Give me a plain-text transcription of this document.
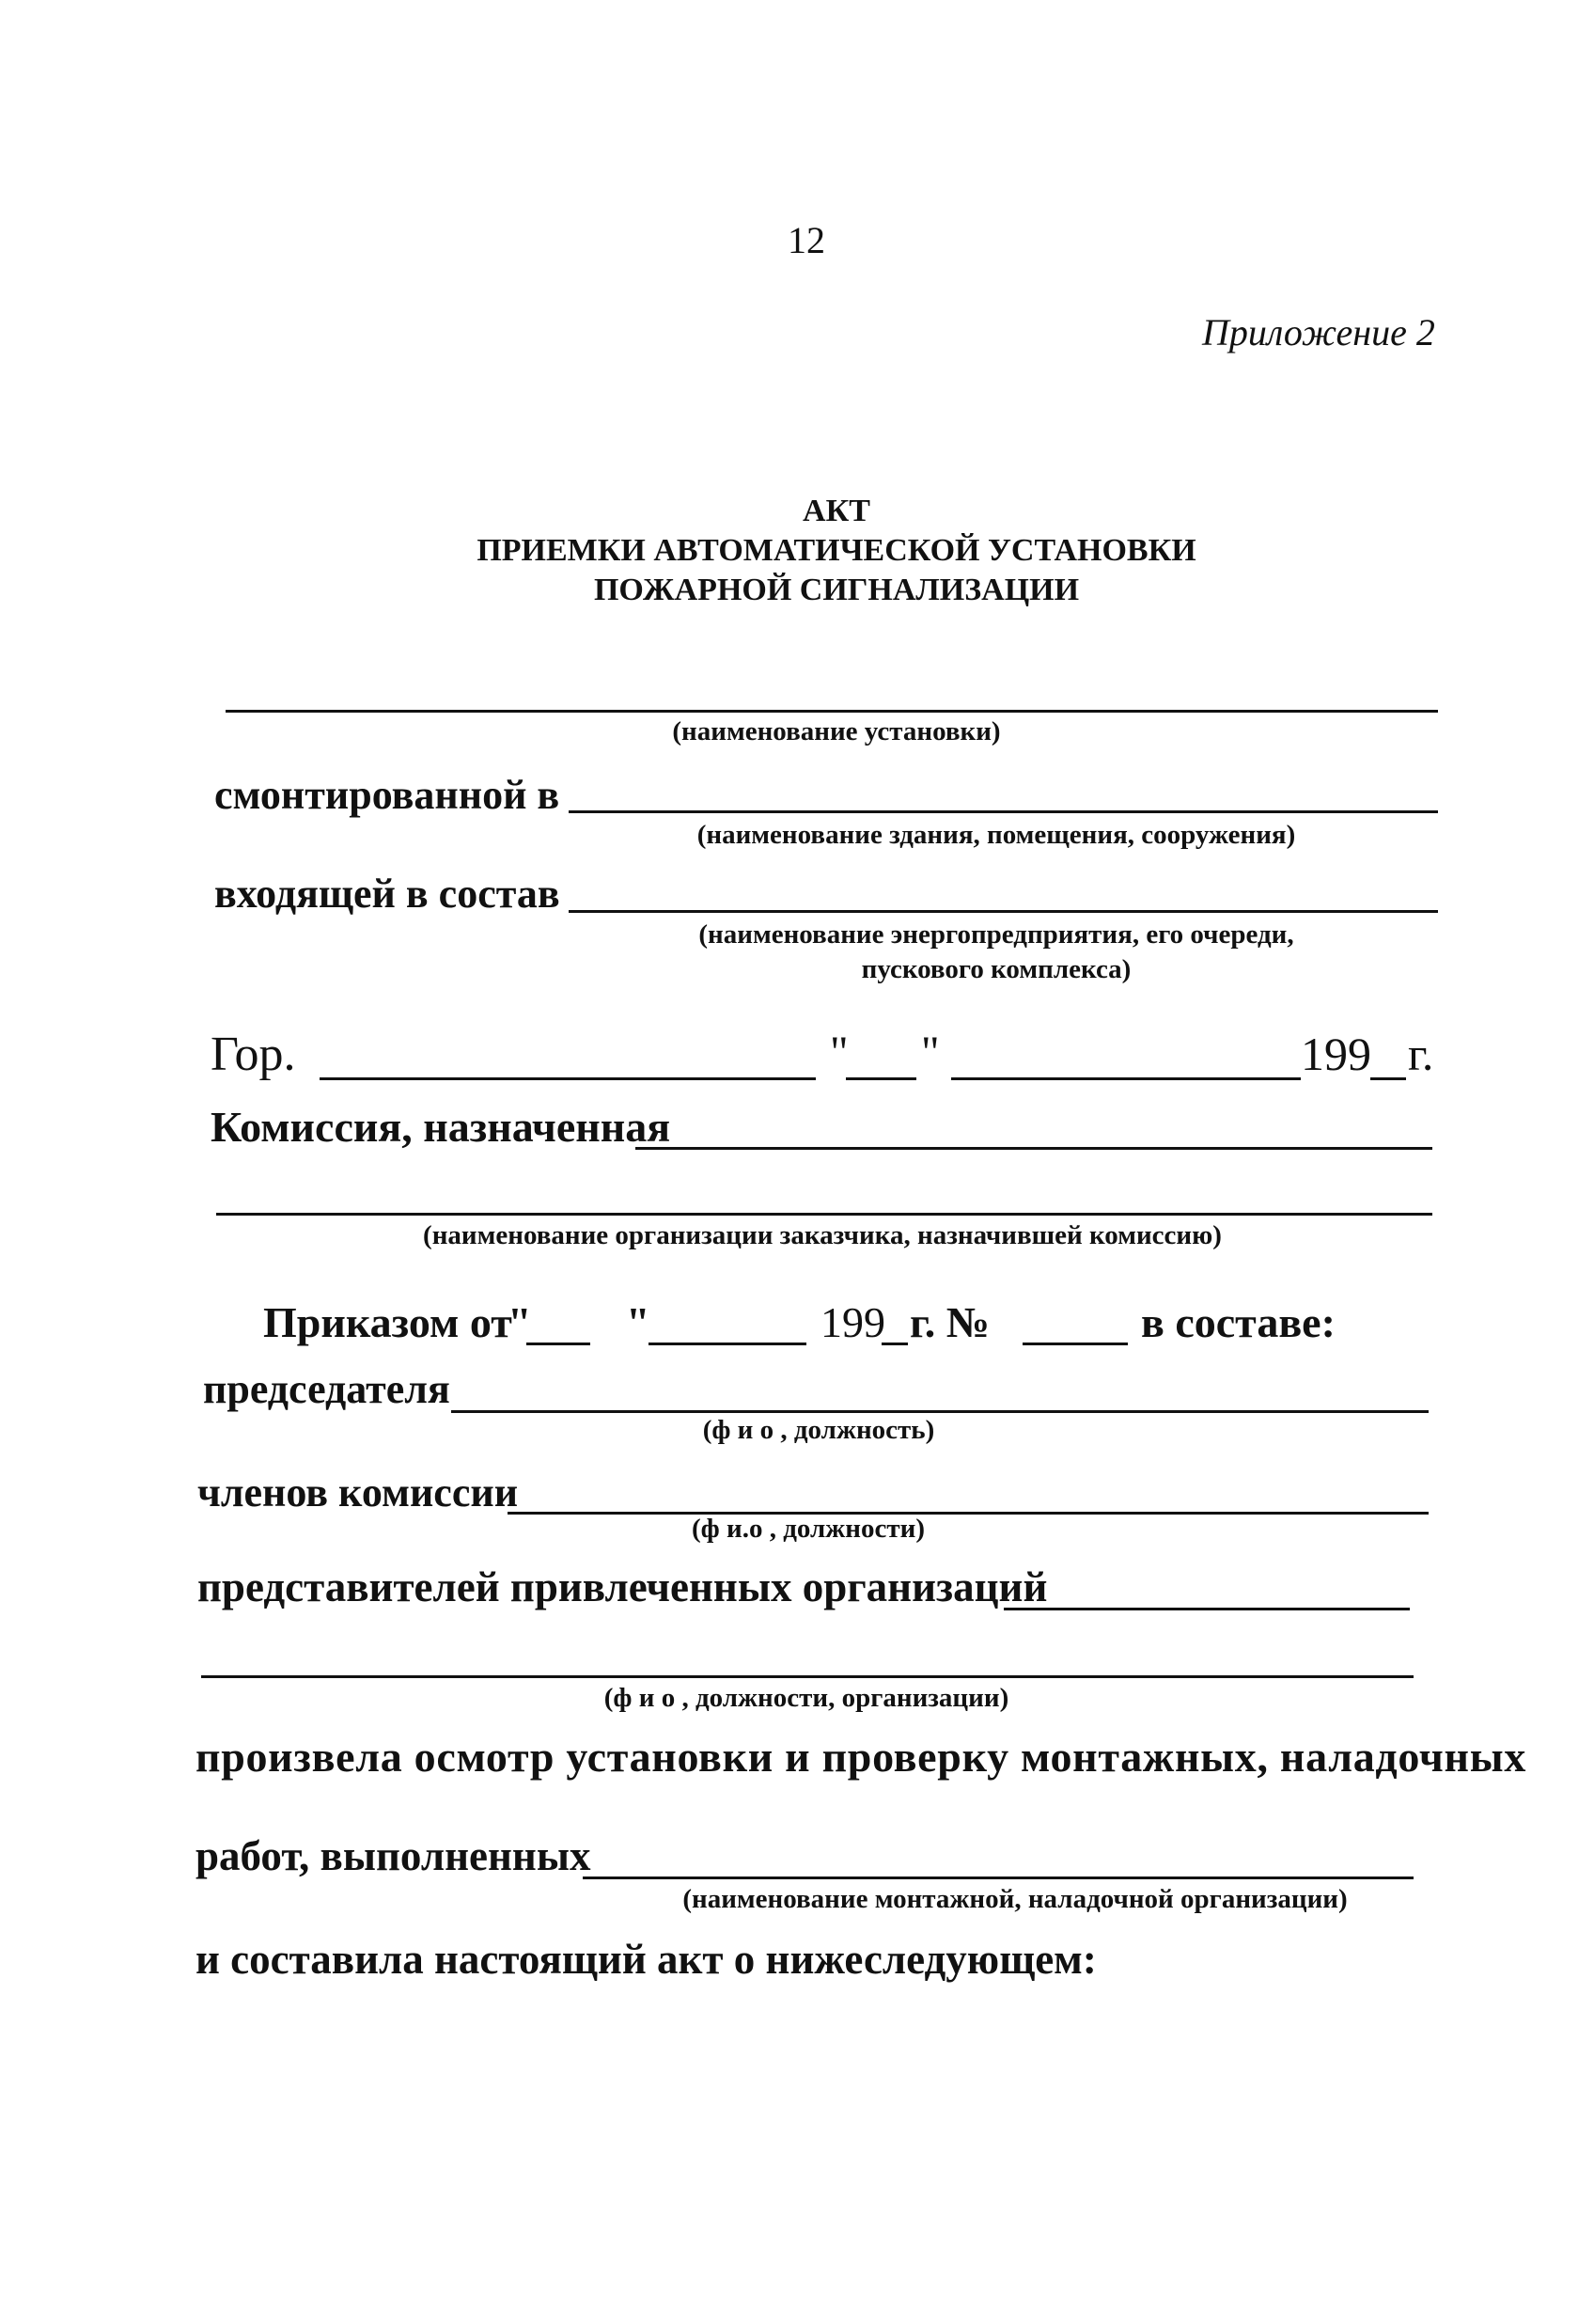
12
Приложение 2
АКТ
ПРИЕМКИ АВТОМАТИЧЕСКОЙ УСТАНОВКИ
ПОЖАРНОЙ СИГНАЛИЗАЦИИ
(наименование установки)
смонтированной в
(наименование здания, помещения, сооружения)
входящей в состав
(наименование энергопредприятия, его очереди,
пускового комплекса)
Гор.	" "	199 г.
Комиссия, назначенная
(наименование организации заказчика, назначившей комиссию)
Приказом от
" "	199 г. №	в составе:
председателя
(ф и о , должность)
членов комиссии
(ф и.о , должности)
представителей привлеченных организаций
(ф и о , должности, организации)
произвела осмотр установки и проверку монтажных, наладочных
работ, выполненных
(наименование монтажной, наладочной организации)
и составила настоящий акт о нижеследующем:
